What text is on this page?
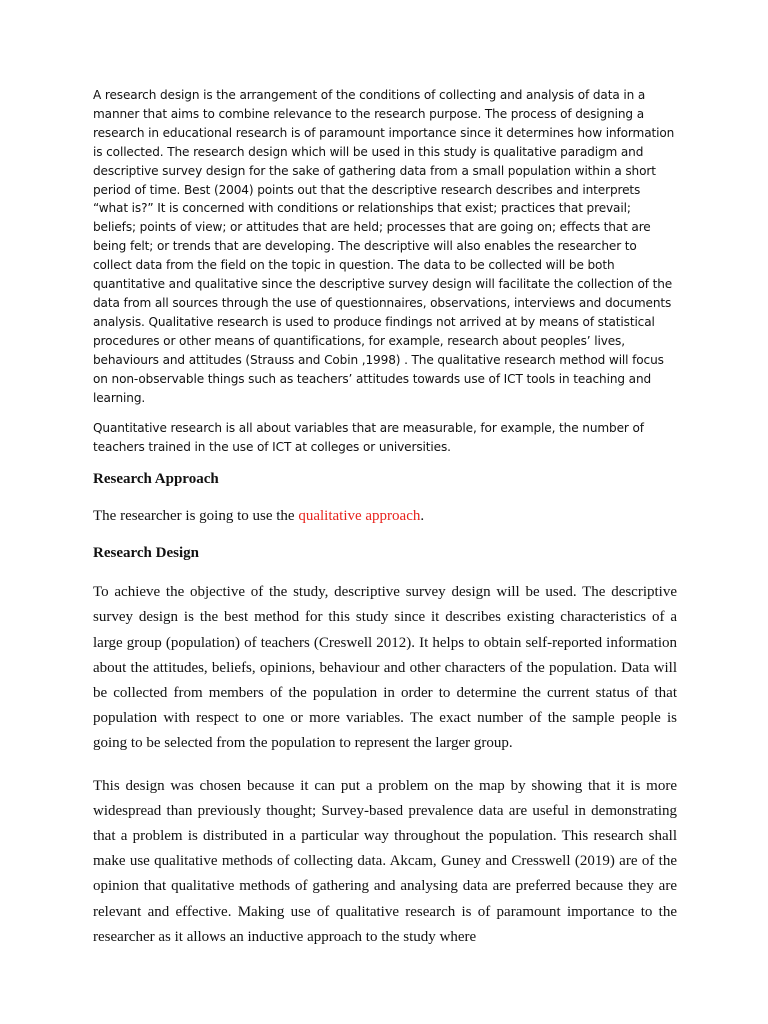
A research design is the arrangement of the conditions of collecting and analysis of data in a manner that aims to combine relevance to the research purpose. The process of designing a research in educational research is of paramount importance since it determines how information is collected. The research design which will be used in this study is qualitative paradigm and descriptive survey design for the sake of gathering data from a small population within a short period of time. Best (2004) points out that the descriptive research describes and interprets “what is?” It is concerned with conditions or relationships that exist; practices that prevail; beliefs; points of view; or attitudes that are held; processes that are going on; effects that are being felt; or trends that are developing. The descriptive will also enables the researcher to collect data from the field on the topic in question. The data to be collected will be both quantitative and qualitative since the descriptive survey design will facilitate the collection of the data from all sources through the use of questionnaires, observations, interviews and documents analysis. Qualitative research is used to produce findings not arrived at by means of statistical procedures or other means of quantifications, for example, research about peoples’ lives, behaviours and attitudes (Strauss and Cobin ,1998) . The qualitative research method will focus on non-observable things such as teachers’ attitudes towards use of ICT tools in teaching and learning.

Quantitative research is all about variables that are measurable, for example, the number of teachers trained in the use of ICT at colleges or universities.

Research Approach

The researcher is going to use the qualitative approach.

Research Design

To achieve the objective of the study, descriptive survey design will be used. The descriptive survey design is the best method for this study since it describes existing characteristics of a large group (population) of teachers (Creswell 2012). It helps to obtain self-reported information about the attitudes, beliefs, opinions, behaviour and other characters of the population. Data will be collected from members of the population in order to determine the current status of that population with respect to one or more variables. The exact number of the sample people is going to be selected from the population to represent the larger group.

This design was chosen because it can put a problem on the map by showing that it is more widespread than previously thought; Survey-based prevalence data are useful in demonstrating that a problem is distributed in a particular way throughout the population. This research shall make use qualitative methods of collecting data. Akcam, Guney and Cresswell (2019) are of the opinion that qualitative methods of gathering and analysing data are preferred because they are relevant and effective. Making use of qualitative research is of paramount importance to the researcher as it allows an inductive approach to the study where
